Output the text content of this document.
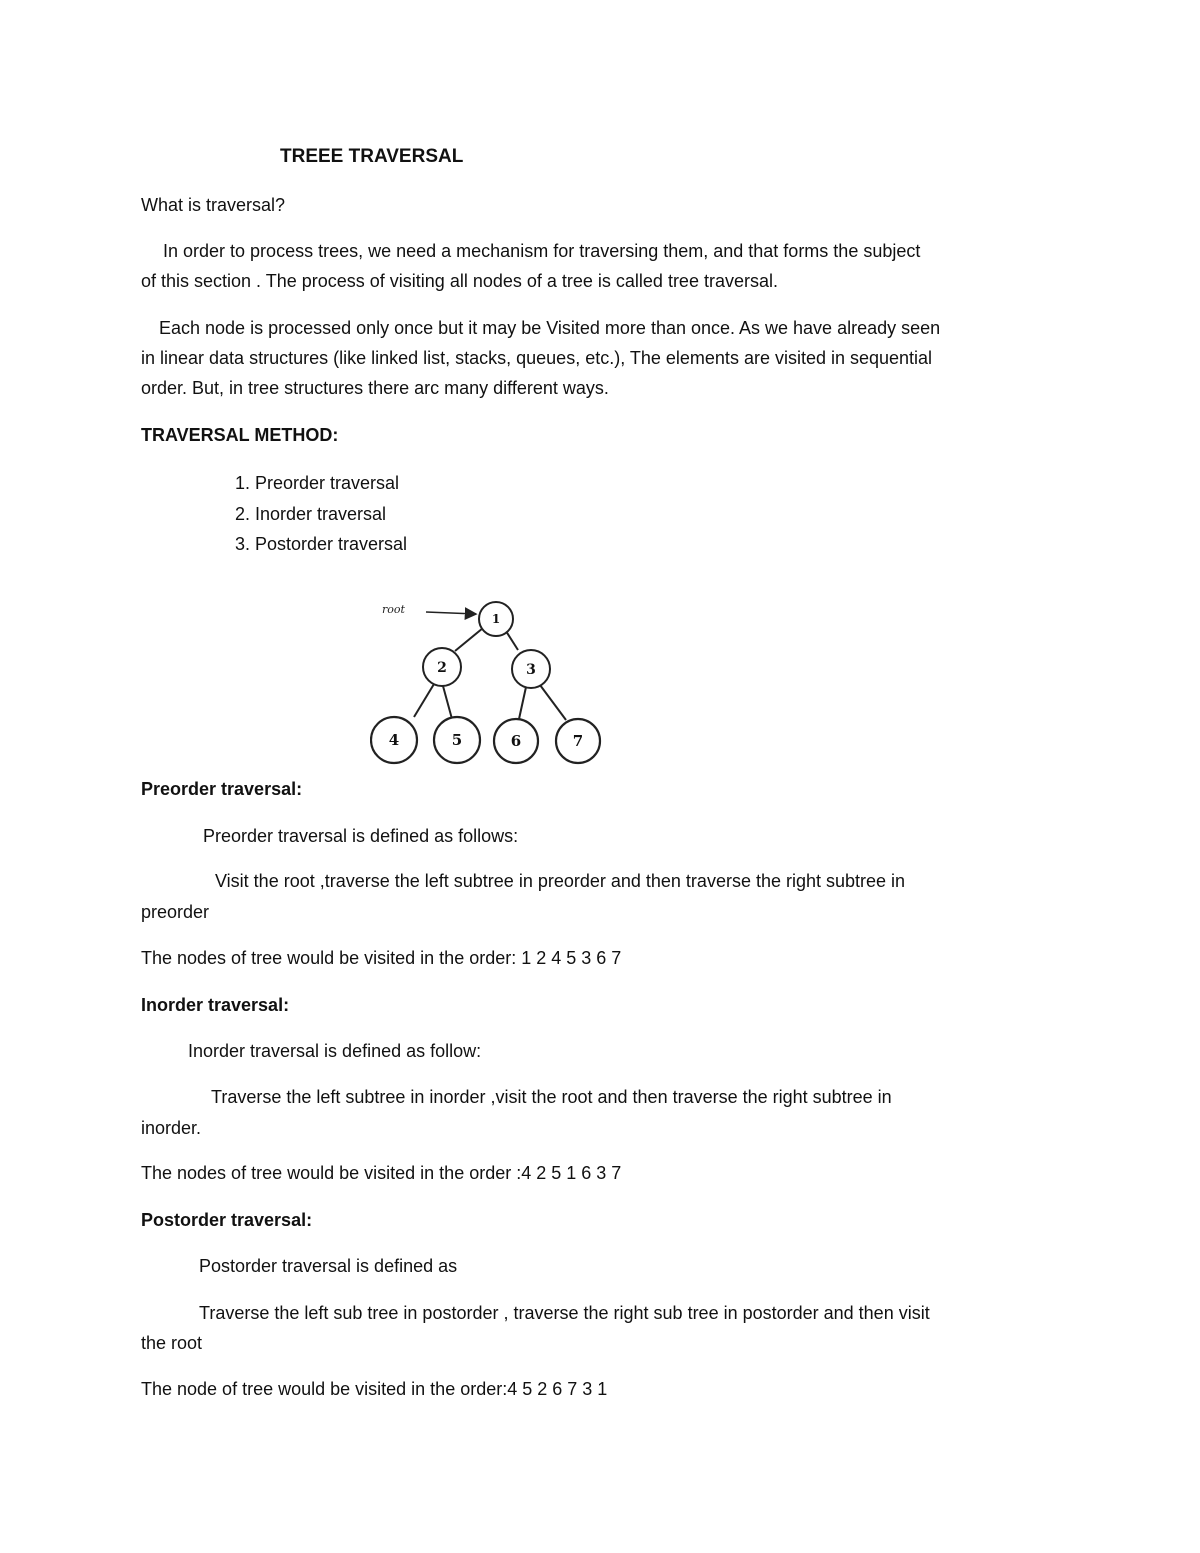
TREEE TRAVERSAL

What is traversal?

In order to process trees, we need a mechanism for traversing them, and that forms the subject

of this section . The process of visiting all nodes of a tree is called tree traversal.

Each node is processed only once but it may be Visited more than once. As we have already seen

in linear data structures (like linked list, stacks, queues, etc.), The elements are visited in sequential

order. But, in tree structures there arc many different ways.

TRAVERSAL METHOD:

1. Preorder traversal
2. Inorder traversal
3. Postorder traversal
root
1
2	3
4	5	6	7

Preorder traversal:

Preorder traversal is defined as follows:

Visit the root ,traverse the left subtree in preorder and then traverse the right subtree in

preorder

The nodes of tree would be visited in the order: 1 2 4 5 3 6 7

Inorder traversal:

Inorder traversal is defined as follow:

Traverse the left subtree in inorder ,visit the root and then traverse the right subtree in

inorder.

The nodes of tree would be visited in the order :4 2 5 1 6 3 7

Postorder traversal:

Postorder traversal is defined as

Traverse the left sub tree in postorder , traverse the right sub tree in postorder and then visit

the root

The node of tree would be visited in the order:4 5 2 6 7 3 1
